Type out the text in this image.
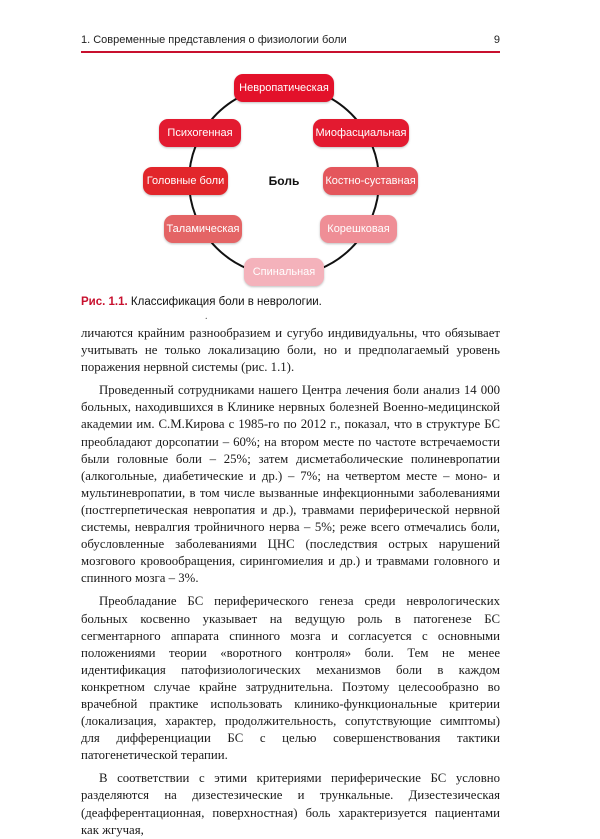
1. Современные представления о физиологии боли	9
Невропатическая
Миофасциальная
Костно-суставная
Корешковая
Спинальная
Таламическая
Головные боли
Психогенная
Боль
Рис. 1.1. Классификация боли в неврологии.
.

личаются крайним разнообразием и сугубо индивидуальны, что обязывает учитывать не только локализацию боли, но и предполагаемый уровень поражения нервной системы (рис. 1.1).

Проведенный сотрудниками нашего Центра лечения боли анализ 14 000 больных, находившихся в Клинике нервных болезней Военно-медицинской академии им. С.М.Кирова с 1985-го по 2012 г., показал, что в структуре БС преобладают дорсопатии – 60%; на втором месте по частоте встречаемости были головные боли – 25%; затем дисметаболические полиневропатии (алкогольные, диабетические и др.) – 7%; на четвертом месте – моно- и мультиневропатии, в том числе вызванные инфекционными заболеваниями (постгерпетическая невропатия и др.), травмами периферической нервной системы, невралгия тройничного нерва – 5%; реже всего отмечались боли, обусловленные заболеваниями ЦНС (последствия острых нарушений мозгового кровообращения, сирингомиелия и др.) и травмами головного и спинного мозга – 3%.

Преобладание БС периферического генеза среди неврологических больных косвенно указывает на ведущую роль в патогенезе БС сегментарного аппарата спинного мозга и согласуется с основными положениями теории «воротного контроля» боли. Тем не менее идентификация патофизиологических механизмов боли в каждом конкретном случае крайне затруднительна. Поэтому целесообразно во врачебной практике использовать клинико-функциональные критерии (локализация, характер, продолжительность, сопутствующие симптомы) для дифференциации БС с целью совершенствования тактики патогенетической терапии.

В соответствии с этими критериями периферические БС условно разделяются на дизестезические и трункальные. Дизестезическая (деафферентационная, поверхностная) боль характеризуется пациентами как жгучая,
